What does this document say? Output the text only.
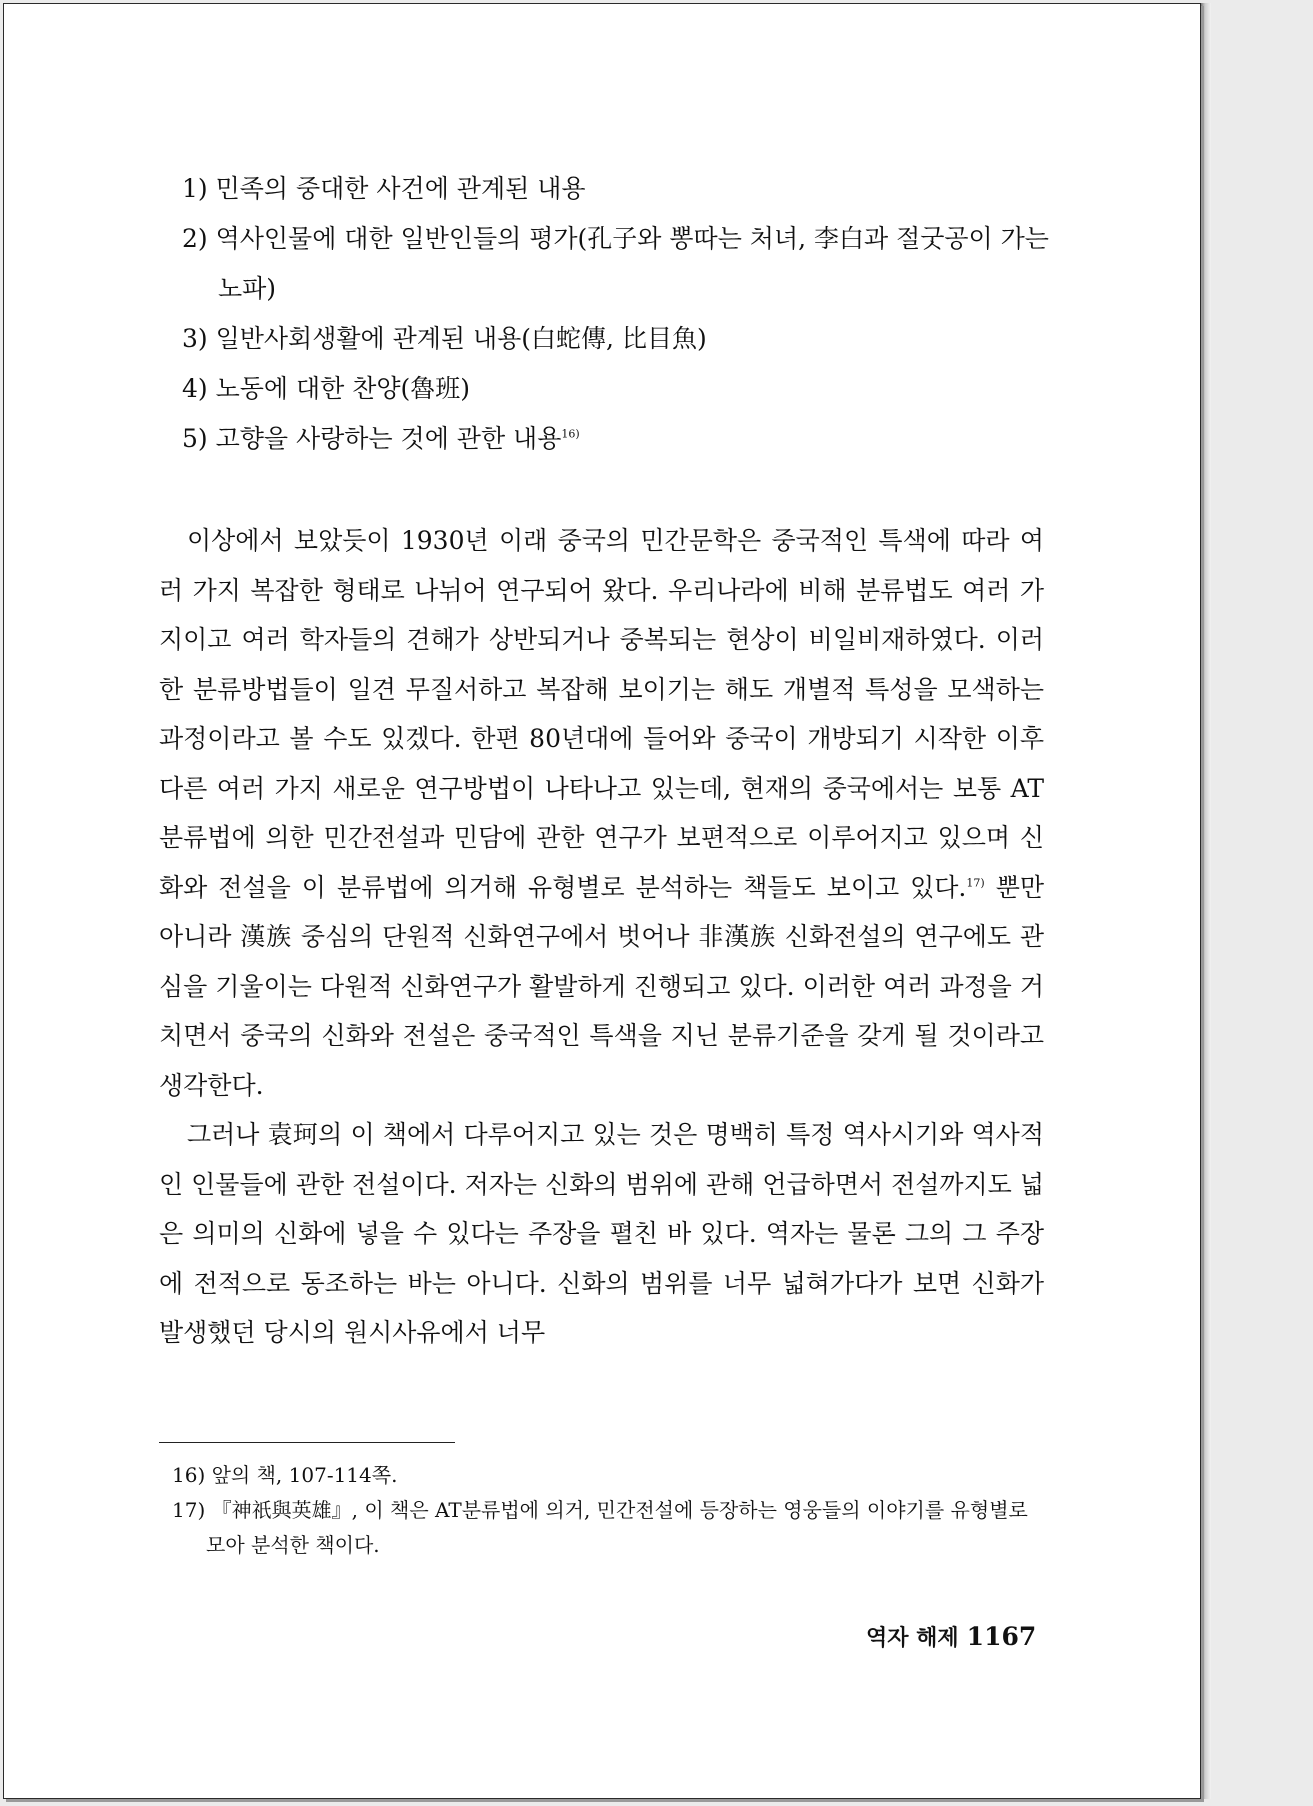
1) 민족의 중대한 사건에 관계된 내용
2) 역사인물에 대한 일반인들의 평가(孔子와 뽕따는 처녀, 李白과 절굿공이 가는 노파)
3) 일반사회생활에 관계된 내용(白蛇傳, 比目魚)
4) 노동에 대한 찬양(魯班)
5) 고향을 사랑하는 것에 관한 내용$^{16)}$

이상에서 보았듯이 1930년 이래 중국의 민간문학은 중국적인 특색에 따라 여러 가지 복잡한 형태로 나뉘어 연구되어 왔다. 우리나라에 비해 분류법도 여러 가지이고 여러 학자들의 견해가 상반되거나 중복되는 현상이 비일비재하였다. 이러한 분류방법들이 일견 무질서하고 복잡해 보이기는 해도 개별적 특성을 모색하는 과정이라고 볼 수도 있겠다. 한편 80년대에 들어와 중국이 개방되기 시작한 이후 다른 여러 가지 새로운 연구방법이 나타나고 있는데, 현재의 중국에서는 보통 AT분류법에 의한 민간전설과 민담에 관한 연구가 보편적으로 이루어지고 있으며 신화와 전설을 이 분류법에 의거해 유형별로 분석하는 책들도 보이고 있다.$^{17)}$ 뿐만 아니라 漢族 중심의 단원적 신화연구에서 벗어나 非漢族 신화전설의 연구에도 관심을 기울이는 다원적 신화연구가 활발하게 진행되고 있다. 이러한 여러 과정을 거치면서 중국의 신화와 전설은 중국적인 특색을 지닌 분류기준을 갖게 될 것이라고 생각한다.

그러나 袁珂의 이 책에서 다루어지고 있는 것은 명백히 특정 역사시기와 역사적인 인물들에 관한 전설이다. 저자는 신화의 범위에 관해 언급하면서 전설까지도 넓은 의미의 신화에 넣을 수 있다는 주장을 펼친 바 있다. 역자는 물론 그의 그 주장에 전적으로 동조하는 바는 아니다. 신화의 범위를 너무 넓혀가다가 보면 신화가 발생했던 당시의 원시사유에서 너무

16) 앞의 책, 107-114쪽.
17) 『神祇與英雄』, 이 책은 AT분류법에 의거, 민간전설에 등장하는 영웅들의 이야기를 유형별로 모아 분석한 책이다.
역자 해제 1167
